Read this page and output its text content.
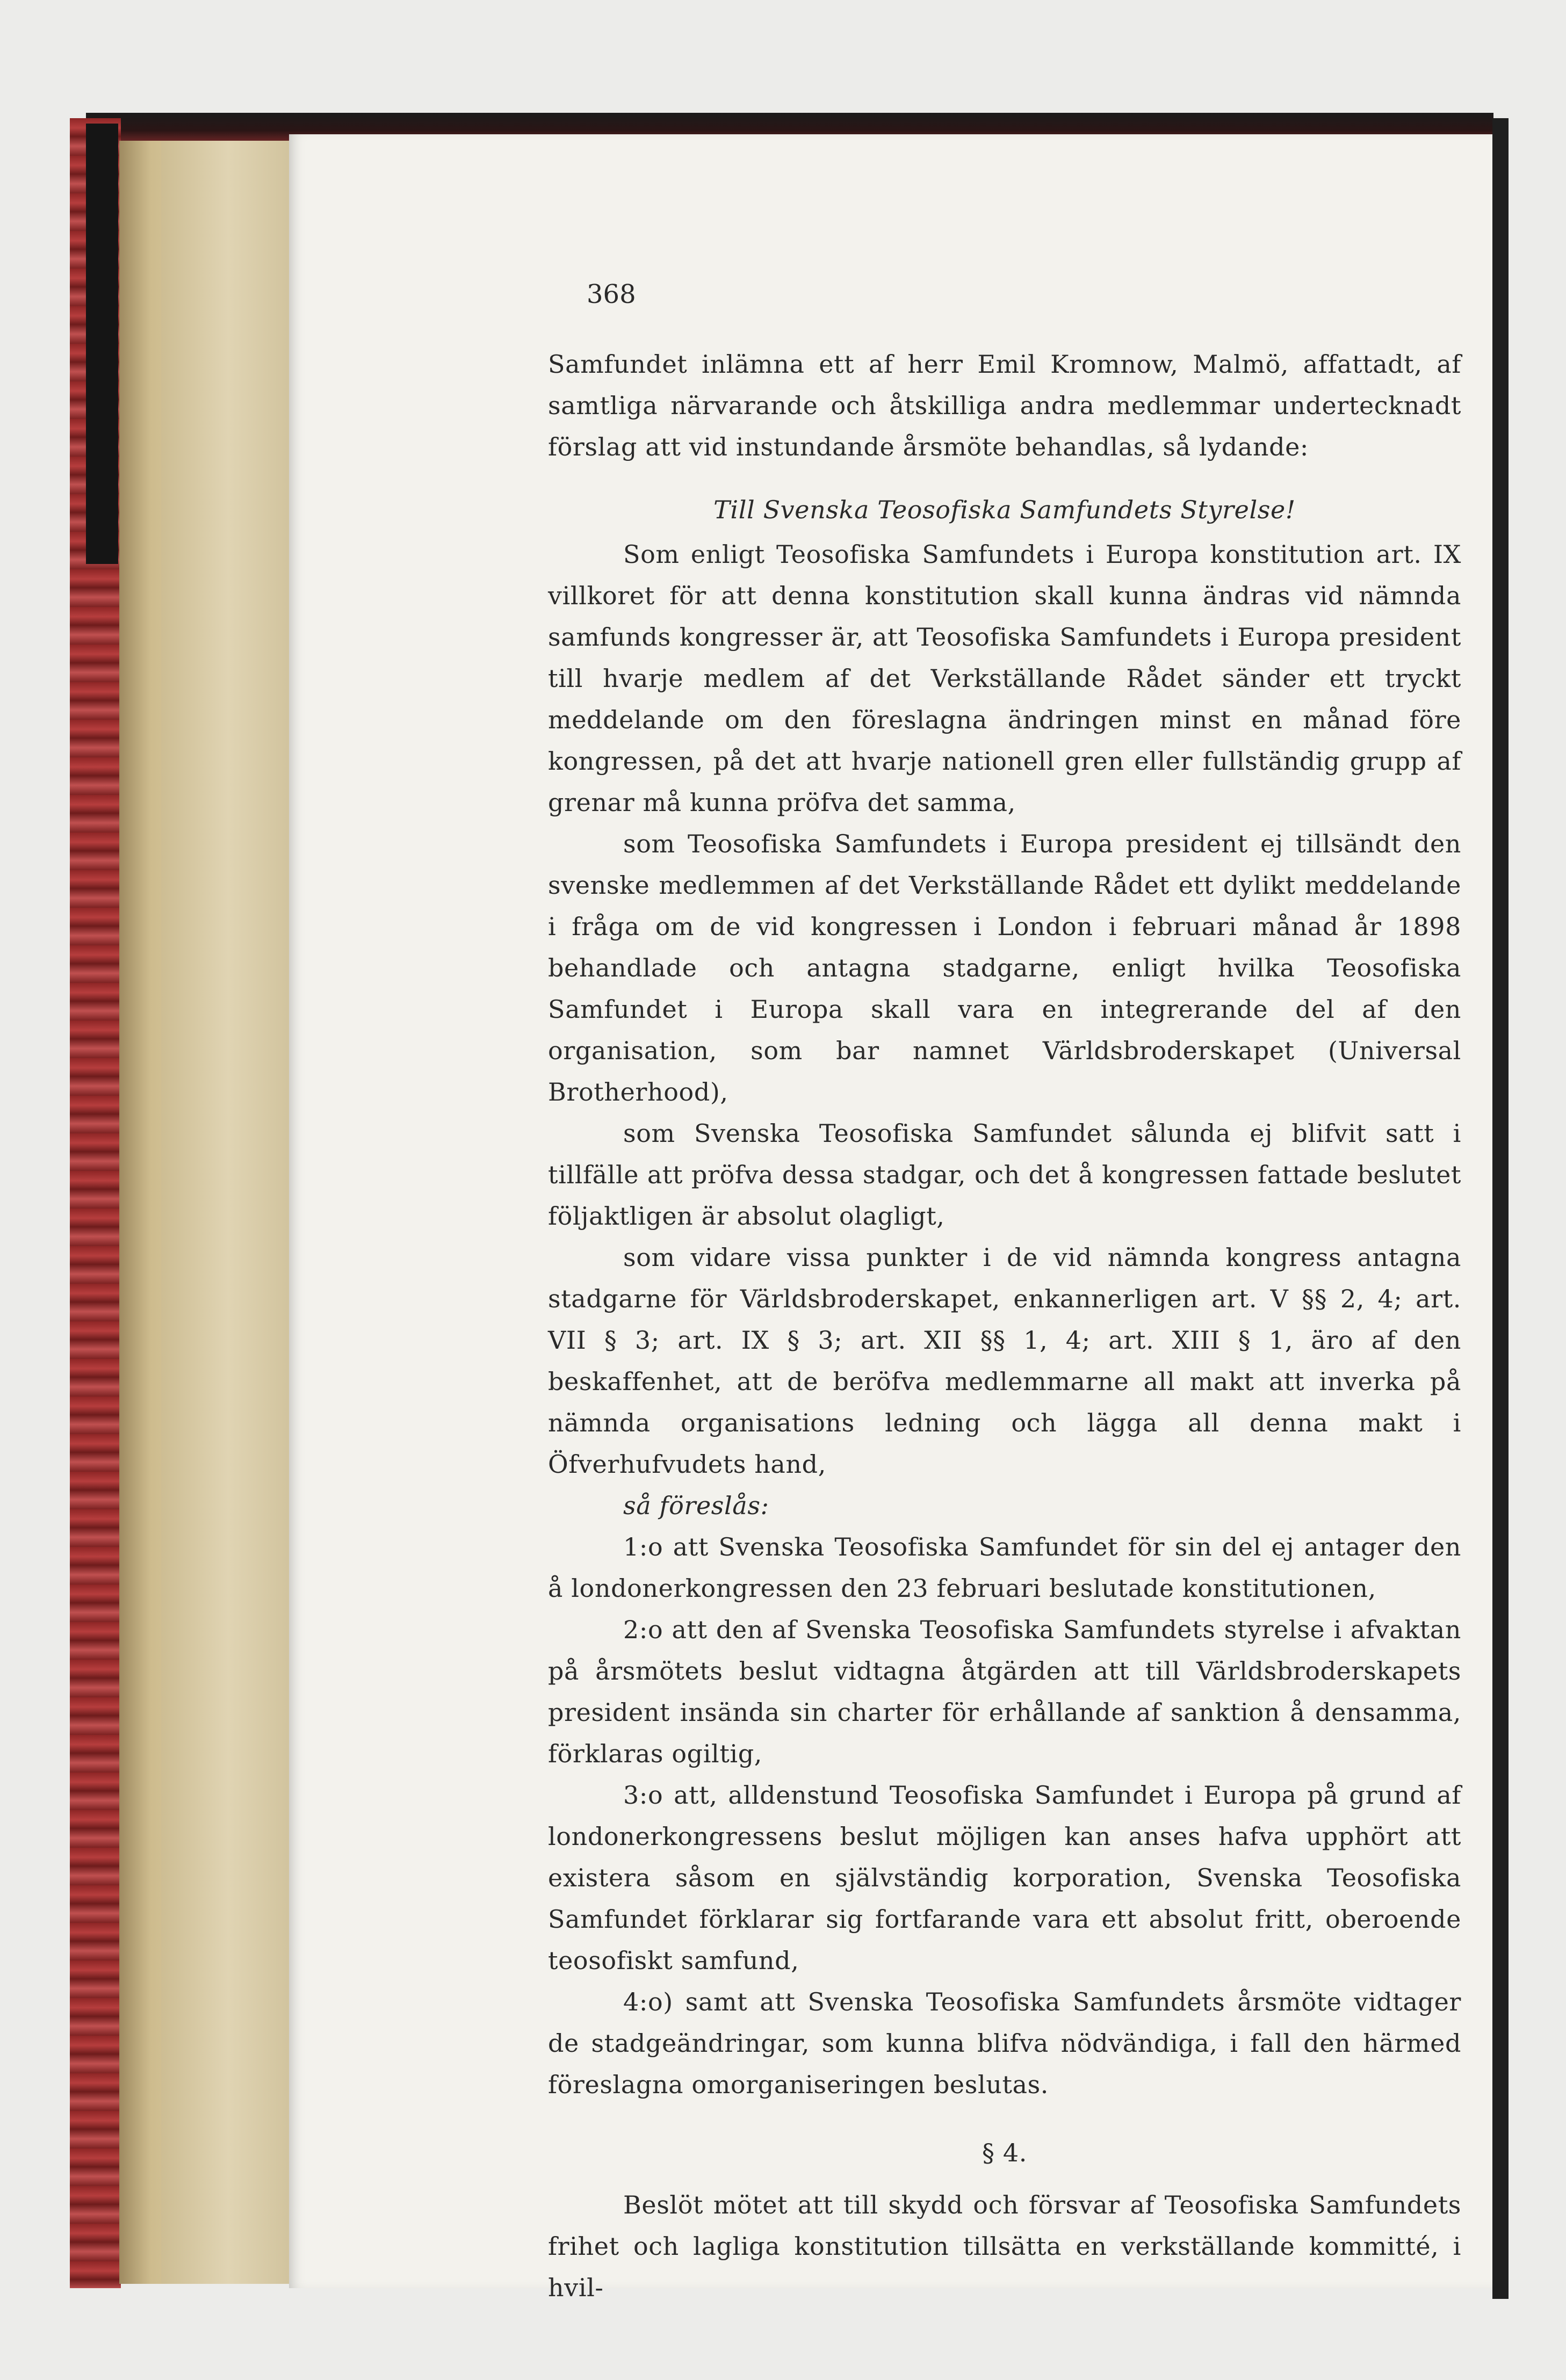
368

Samfundet inlämna ett af herr Emil Kromnow, Malmö, affattadt, af samtliga närvarande och åtskilliga andra medlemmar undertecknadt förslag att vid instundande årsmöte behandlas, så lydande:

Till Svenska Teosofiska Samfundets Styrelse!

Som enligt Teosofiska Samfundets i Europa konstitution art. IX villkoret för att denna konstitution skall kunna ändras vid nämnda samfunds kongresser är, att Teosofiska Samfundets i Europa president till hvarje medlem af det Verkställande Rådet sänder ett tryckt meddelande om den föreslagna ändringen minst en månad före kongressen, på det att hvarje nationell gren eller fullständig grupp af grenar må kunna pröfva det samma,

som Teosofiska Samfundets i Europa president ej tillsändt den svenske medlemmen af det Verkställande Rådet ett dylikt meddelande i fråga om de vid kongressen i London i februari månad år 1898 behandlade och antagna stadgarne, enligt hvilka Teosofiska Samfundet i Europa skall vara en integrerande del af den organisation, som bar namnet Världsbroderskapet (Universal Brotherhood),

som Svenska Teosofiska Samfundet sålunda ej blifvit satt i tillfälle att pröfva dessa stadgar, och det å kongressen fattade beslutet följaktligen är absolut olagligt,

som vidare vissa punkter i de vid nämnda kongress antagna stadgarne för Världsbroderskapet, enkannerligen art. V §§ 2, 4; art. VII § 3; art. IX § 3; art. XII §§ 1, 4; art. XIII § 1, äro af den beskaffenhet, att de beröfva medlemmarne all makt att inverka på nämnda organisations ledning och lägga all denna makt i Öfverhufvudets hand,

så föreslås:

1:o att Svenska Teosofiska Samfundet för sin del ej antager den å londonerkongressen den 23 februari beslutade konstitutionen,

2:o att den af Svenska Teosofiska Samfundets styrelse i afvaktan på årsmötets beslut vidtagna åtgärden att till Världsbroderskapets president insända sin charter för erhållande af sanktion å densamma, förklaras ogiltig,

3:o att, alldenstund Teosofiska Samfundet i Europa på grund af londonerkongressens beslut möjligen kan anses hafva upphört att existera såsom en självständig korporation, Svenska Teosofiska Samfundet förklarar sig fortfarande vara ett absolut fritt, oberoende teosofiskt samfund,

4:o) samt att Svenska Teosofiska Samfundets årsmöte vidtager de stadgeändringar, som kunna blifva nödvändiga, i fall den härmed föreslagna omorganiseringen beslutas.

§ 4.

Beslöt mötet att till skydd och försvar af Teosofiska Samfundets frihet och lagliga konstitution tillsätta en verkställande kommitté, i hvil-
